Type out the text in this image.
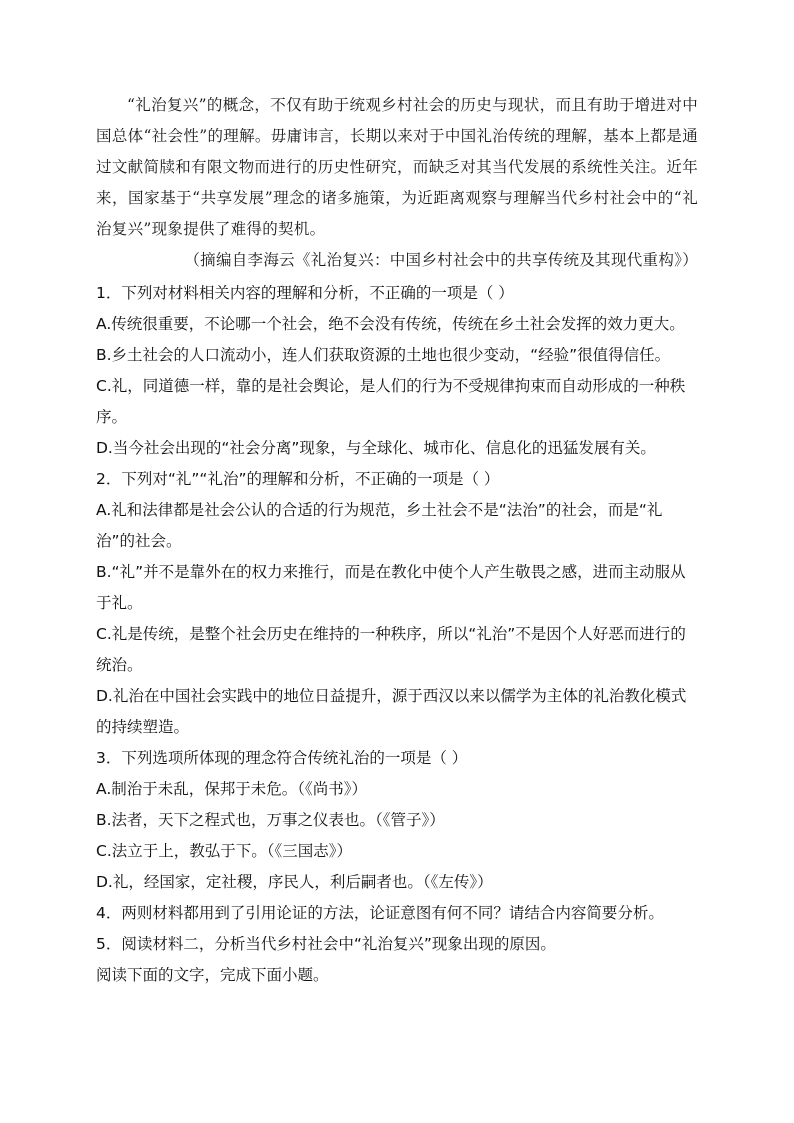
“礼治复兴”的概念，不仅有助于统观乡村社会的历史与现状，而且有助于增进对中国总体“社会性”的理解。毋庸讳言，长期以来对于中国礼治传统的理解，基本上都是通过文献简牍和有限文物而进行的历史性研究，而缺乏对其当代发展的系统性关注。近年来，国家基于“共享发展”理念的诸多施策，为近距离观察与理解当代乡村社会中的“礼治复兴”现象提供了难得的契机。

（摘编自李海云《礼治复兴：中国乡村社会中的共享传统及其现代重构》）

1．下列对材料相关内容的理解和分析，不正确的一项是（ ）

A.传统很重要，不论哪一个社会，绝不会没有传统，传统在乡土社会发挥的效力更大。

B.乡土社会的人口流动小，连人们获取资源的土地也很少变动，“经验”很值得信任。

C.礼，同道德一样，靠的是社会舆论，是人们的行为不受规律拘束而自动形成的一种秩序。

D.当今社会出现的“社会分离”现象，与全球化、城市化、信息化的迅猛发展有关。

2．下列对“礼”“礼治”的理解和分析，不正确的一项是（ ）

A.礼和法律都是社会公认的合适的行为规范，乡土社会不是“法治”的社会，而是“礼治”的社会。

B.“礼”并不是靠外在的权力来推行，而是在教化中使个人产生敬畏之感，进而主动服从于礼。

C.礼是传统，是整个社会历史在维持的一种秩序，所以“礼治”不是因个人好恶而进行的统治。

D.礼治在中国社会实践中的地位日益提升，源于西汉以来以儒学为主体的礼治教化模式的持续塑造。

3．下列选项所体现的理念符合传统礼治的一项是（ ）

A.制治于未乱，保邦于未危。（《尚书》）

B.法者，天下之程式也，万事之仪表也。（《管子》）

C.法立于上，教弘于下。（《三国志》）

D.礼，经国家，定社稷，序民人，利后嗣者也。（《左传》）

4．两则材料都用到了引用论证的方法，论证意图有何不同？请结合内容简要分析。

5．阅读材料二，分析当代乡村社会中“礼治复兴”现象出现的原因。

阅读下面的文字，完成下面小题。
